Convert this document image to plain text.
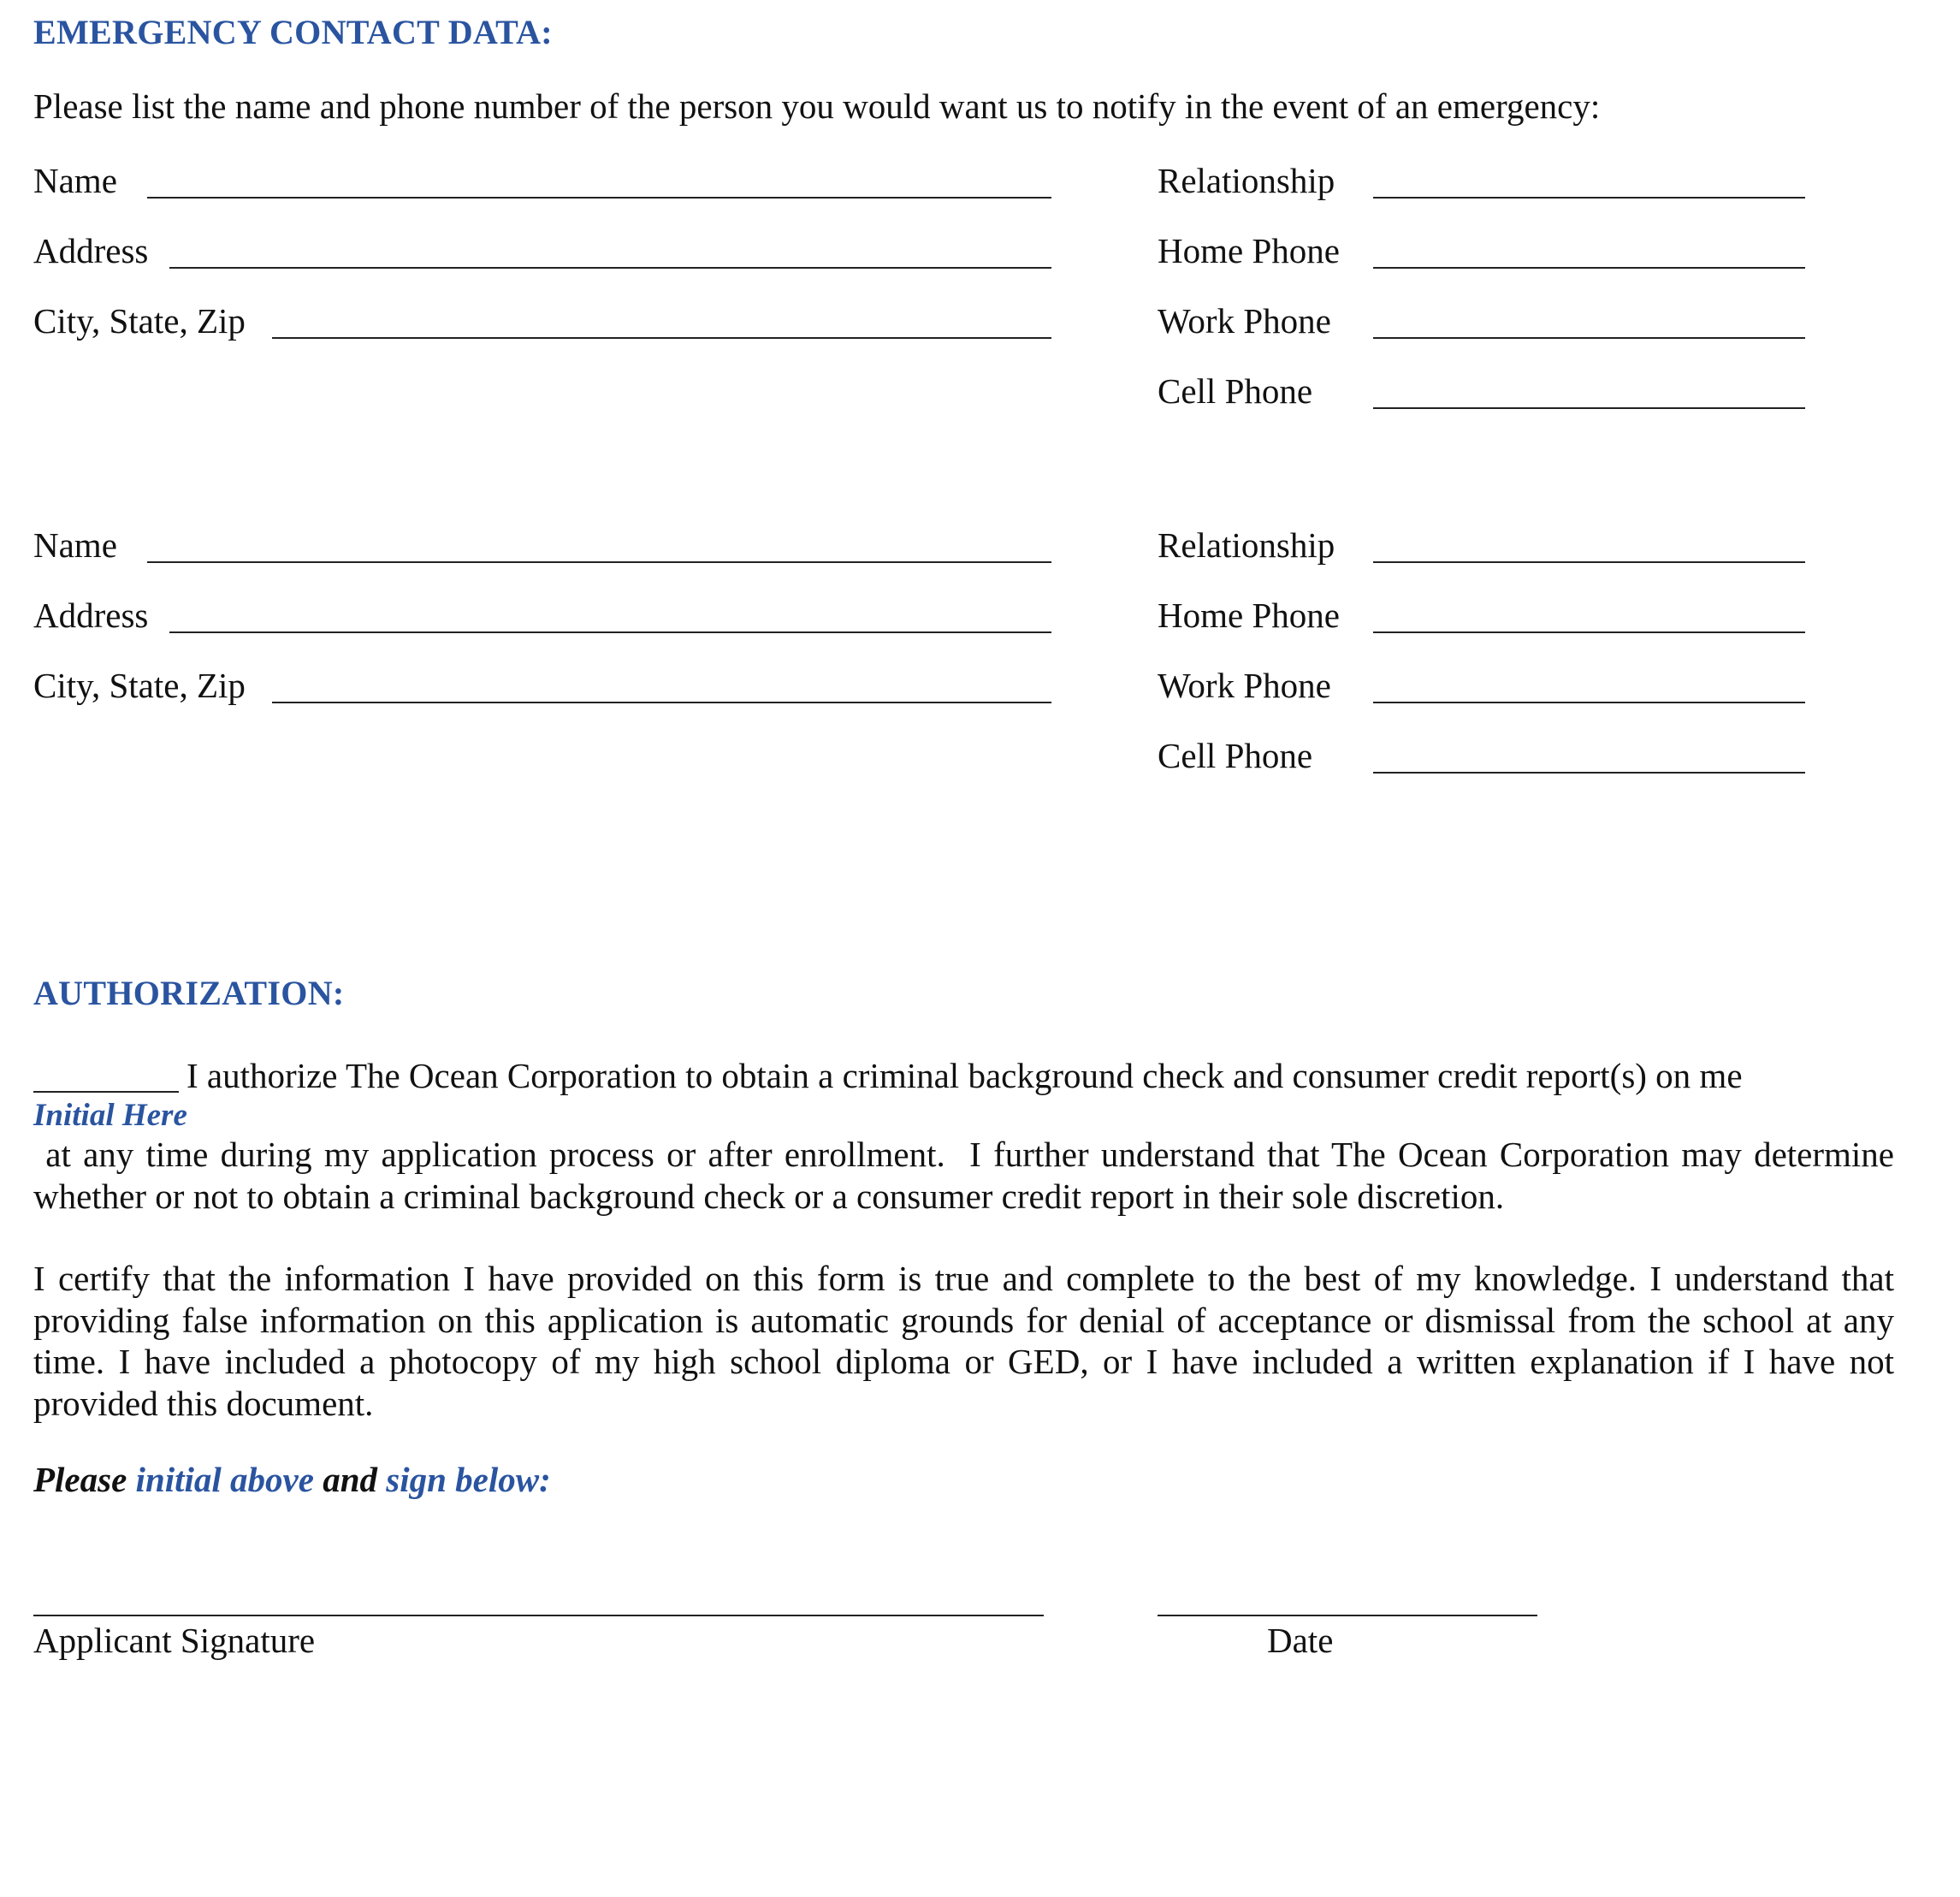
EMERGENCY CONTACT DATA:
Please list the name and phone number of the person you would want us to notify in the event of an emergency:
Name
Address
City, State, Zip
Relationship
Home Phone
Work Phone
Cell Phone
Name
Address
City, State, Zip
Relationship
Home Phone
Work Phone
Cell Phone
AUTHORIZATION:
I authorize The Ocean Corporation to obtain a criminal background check and consumer credit report(s) on me
Initial Here
at any time during my application process or after enrollment.  I further understand that The Ocean Corporation may determine whether or not to obtain a criminal background check or a consumer credit report in their sole discretion.
I certify that the information I have provided on this form is true and complete to the best of my knowledge. I understand that providing false information on this application is automatic grounds for denial of acceptance or dismissal from the school at any time. I have included a photocopy of my high school diploma or GED, or I have included a written explanation if I have not provided this document.
Please initial above and sign below:
Applicant Signature	Date
